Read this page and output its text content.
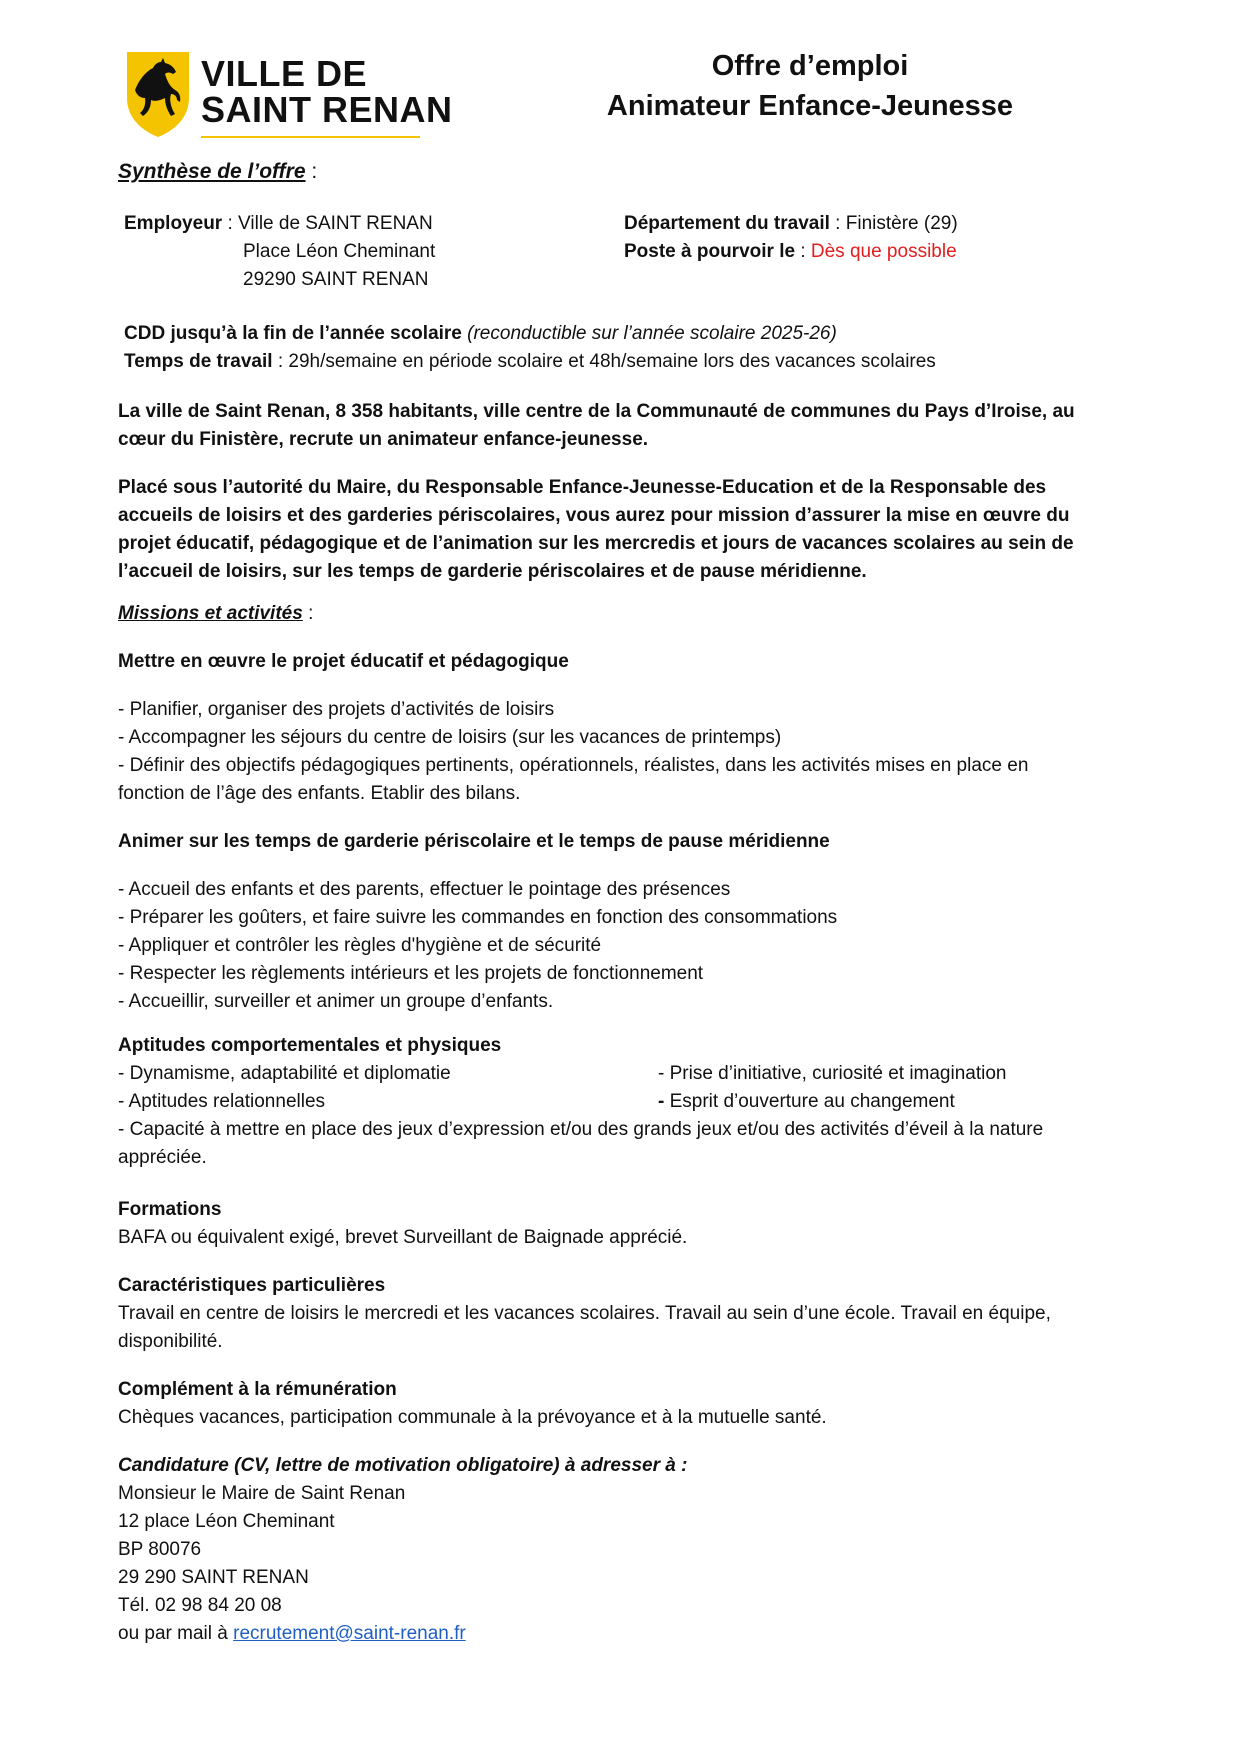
VILLE DE
SAINT RENAN
Offre d’emploi
Animateur Enfance-Jeunesse
Synthèse de l’offre :
Employeur : Ville de SAINT RENAN
Place Léon Cheminant
29290 SAINT RENAN
Département du travail : Finistère (29)
Poste à pourvoir le : Dès que possible
CDD jusqu’à la fin de l’année scolaire (reconductible sur l’année scolaire 2025-26)
Temps de travail : 29h/semaine en période scolaire et 48h/semaine lors des vacances scolaires
La ville de Saint Renan, 8 358 habitants, ville centre de la Communauté de communes du Pays d’Iroise, au
cœur du Finistère, recrute un animateur enfance-jeunesse.
Placé sous l’autorité du Maire, du Responsable Enfance-Jeunesse-Education et de la Responsable des
accueils de loisirs et des garderies périscolaires, vous aurez pour mission d’assurer la mise en œuvre du
projet éducatif, pédagogique et de l’animation sur les mercredis et jours de vacances scolaires au sein de
l’accueil de loisirs, sur les temps de garderie périscolaires et de pause méridienne.
Missions et activités :
Mettre en œuvre le projet éducatif et pédagogique
- Planifier, organiser des projets d’activités de loisirs
- Accompagner les séjours du centre de loisirs (sur les vacances de printemps)
- Définir des objectifs pédagogiques pertinents, opérationnels, réalistes, dans les activités mises en place en
fonction de l’âge des enfants. Etablir des bilans.
Animer sur les temps de garderie périscolaire et le temps de pause méridienne
- Accueil des enfants et des parents, effectuer le pointage des présences
- Préparer les goûters, et faire suivre les commandes en fonction des consommations
- Appliquer et contrôler les règles d'hygiène et de sécurité
- Respecter les règlements intérieurs et les projets de fonctionnement
- Accueillir, surveiller et animer un groupe d’enfants.
Aptitudes comportementales et physiques
- Dynamisme, adaptabilité et diplomatie
- Aptitudes relationnelles
- Prise d’initiative, curiosité et imagination
- Esprit d’ouverture au changement
- Capacité à mettre en place des jeux d’expression et/ou des grands jeux et/ou des activités d’éveil à la nature
appréciée.
Formations
BAFA ou équivalent exigé, brevet Surveillant de Baignade apprécié.
Caractéristiques particulières
Travail en centre de loisirs le mercredi et les vacances scolaires. Travail au sein d’une école. Travail en équipe,
disponibilité.
Complément à la rémunération
Chèques vacances, participation communale à la prévoyance et à la mutuelle santé.
Candidature (CV, lettre de motivation obligatoire) à adresser à :
Monsieur le Maire de Saint Renan
12 place Léon Cheminant
BP 80076
29 290 SAINT RENAN
Tél. 02 98 84 20 08
ou par mail à recrutement@saint-renan.fr
